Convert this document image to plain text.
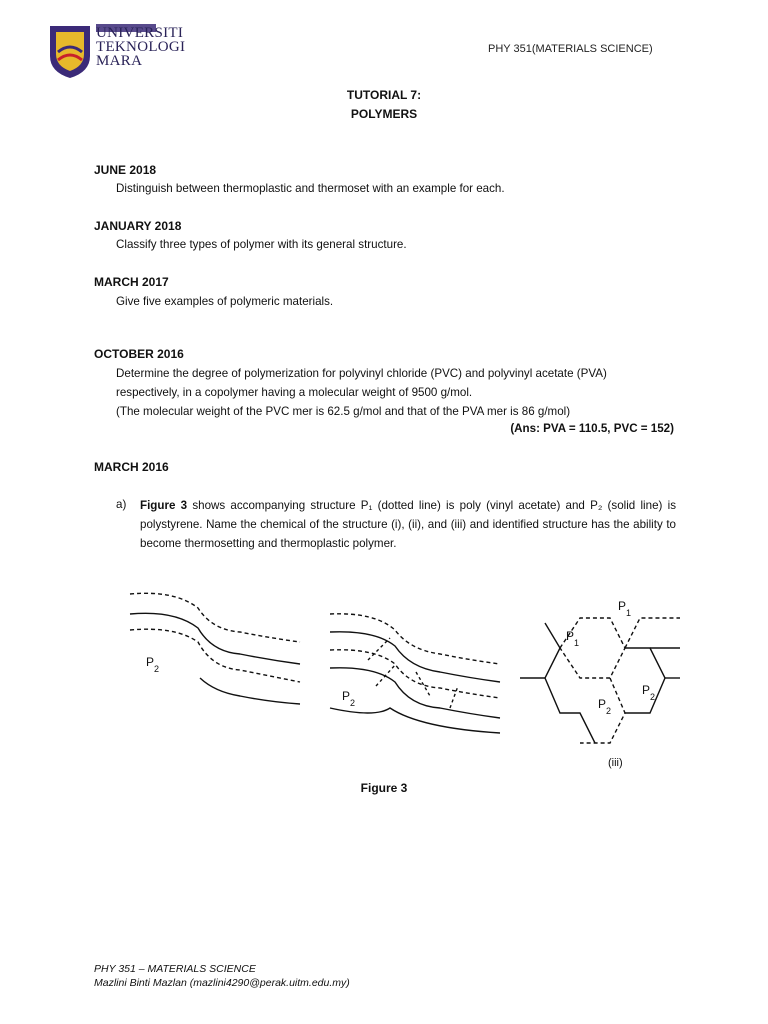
UNIVERSITI
TEKNOLOGI
MARA
PHY 351(MATERIALS SCIENCE)
TUTORIAL 7:
POLYMERS
JUNE 2018
Distinguish between thermoplastic and thermoset with an example for each.
JANUARY 2018
Classify three types of polymer with its general structure.
MARCH 2017
Give five examples of polymeric materials.
OCTOBER 2016
Determine the degree of polymerization for polyvinyl chloride (PVC) and polyvinyl acetate (PVA)
respectively, in a copolymer having a molecular weight of 9500 g/mol.
(The molecular weight of the PVC mer is 62.5 g/mol and that of the PVA mer is 86 g/mol)
(Ans: PVA = 110.5, PVC = 152)
MARCH 2016
a) Figure 3 shows accompanying structure P₁ (dotted line) is poly (vinyl acetate) and P₂ (solid line) is polystyrene. Name the chemical of the structure (i), (ii), and (iii) and identified structure has the ability to become thermosetting and thermoplastic polymer.
P 2
P 2
P 1
P 1
P 2
P 2
(iii)
Figure 3
PHY 351 – MATERIALS SCIENCE
Mazlini Binti Mazlan (mazlini4290@perak.uitm.edu.my)
